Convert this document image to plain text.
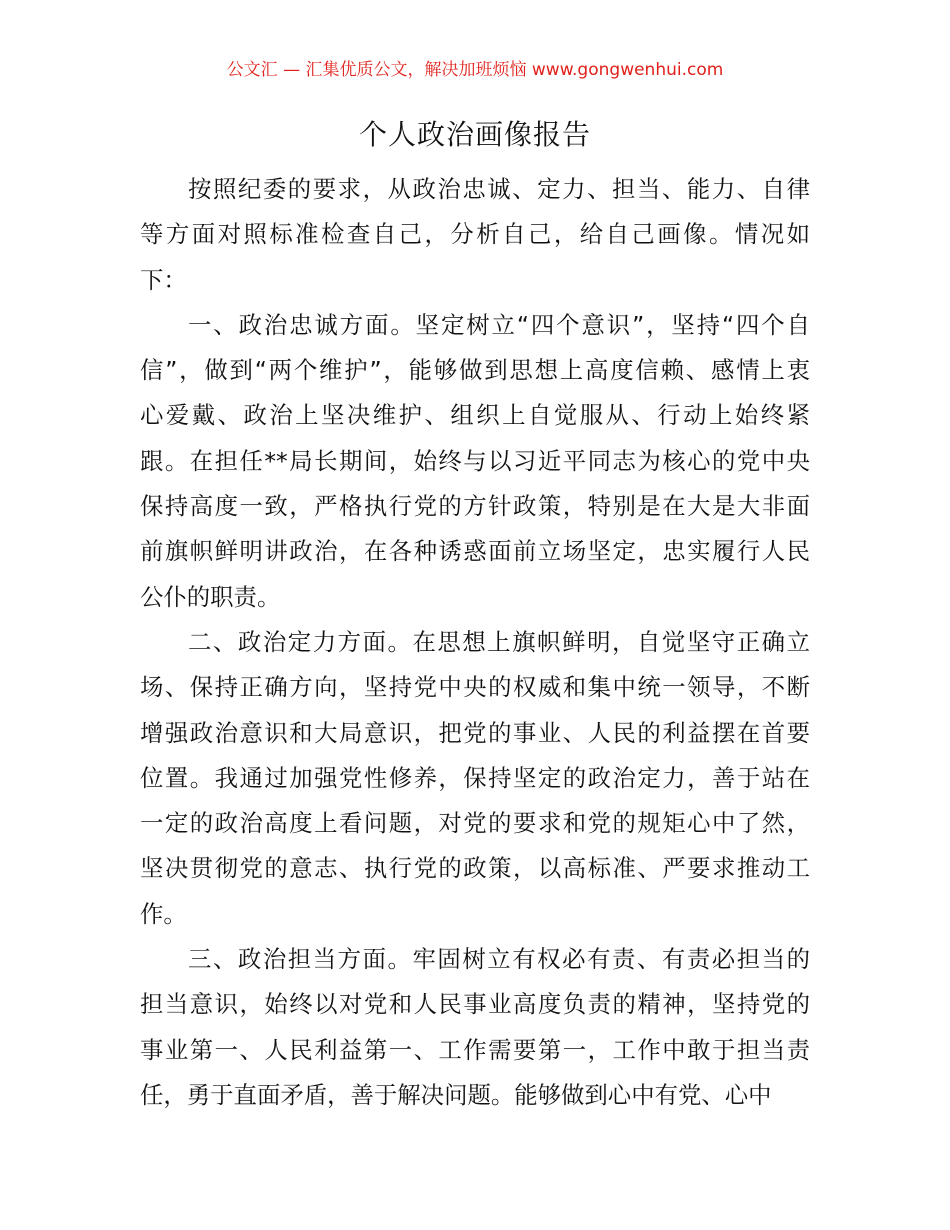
公文汇 — 汇集优质公文，解决加班烦恼 www.gongwenhui.com
个人政治画像报告
按照纪委的要求，从政治忠诚、定力、担当、能力、自律
等方面对照标准检查自己，分析自己，给自己画像。情况如
下：
一、政治忠诚方面。坚定树立“四个意识”，坚持“四个自
信”，做到“两个维护”，能够做到思想上高度信赖、感情上衷
心爱戴、政治上坚决维护、组织上自觉服从、行动上始终紧
跟。在担任**局长期间，始终与以习近平同志为核心的党中央
保持高度一致，严格执行党的方针政策，特别是在大是大非面
前旗帜鲜明讲政治，在各种诱惑面前立场坚定，忠实履行人民
公仆的职责。
二、政治定力方面。在思想上旗帜鲜明，自觉坚守正确立
场、保持正确方向，坚持党中央的权威和集中统一领导，不断
增强政治意识和大局意识，把党的事业、人民的利益摆在首要
位置。我通过加强党性修养，保持坚定的政治定力，善于站在
一定的政治高度上看问题，对党的要求和党的规矩心中了然，
坚决贯彻党的意志、执行党的政策，以高标准、严要求推动工
作。
三、政治担当方面。牢固树立有权必有责、有责必担当的
担当意识，始终以对党和人民事业高度负责的精神，坚持党的
事业第一、人民利益第一、工作需要第一，工作中敢于担当责
任，勇于直面矛盾，善于解决问题。能够做到心中有党、心中
